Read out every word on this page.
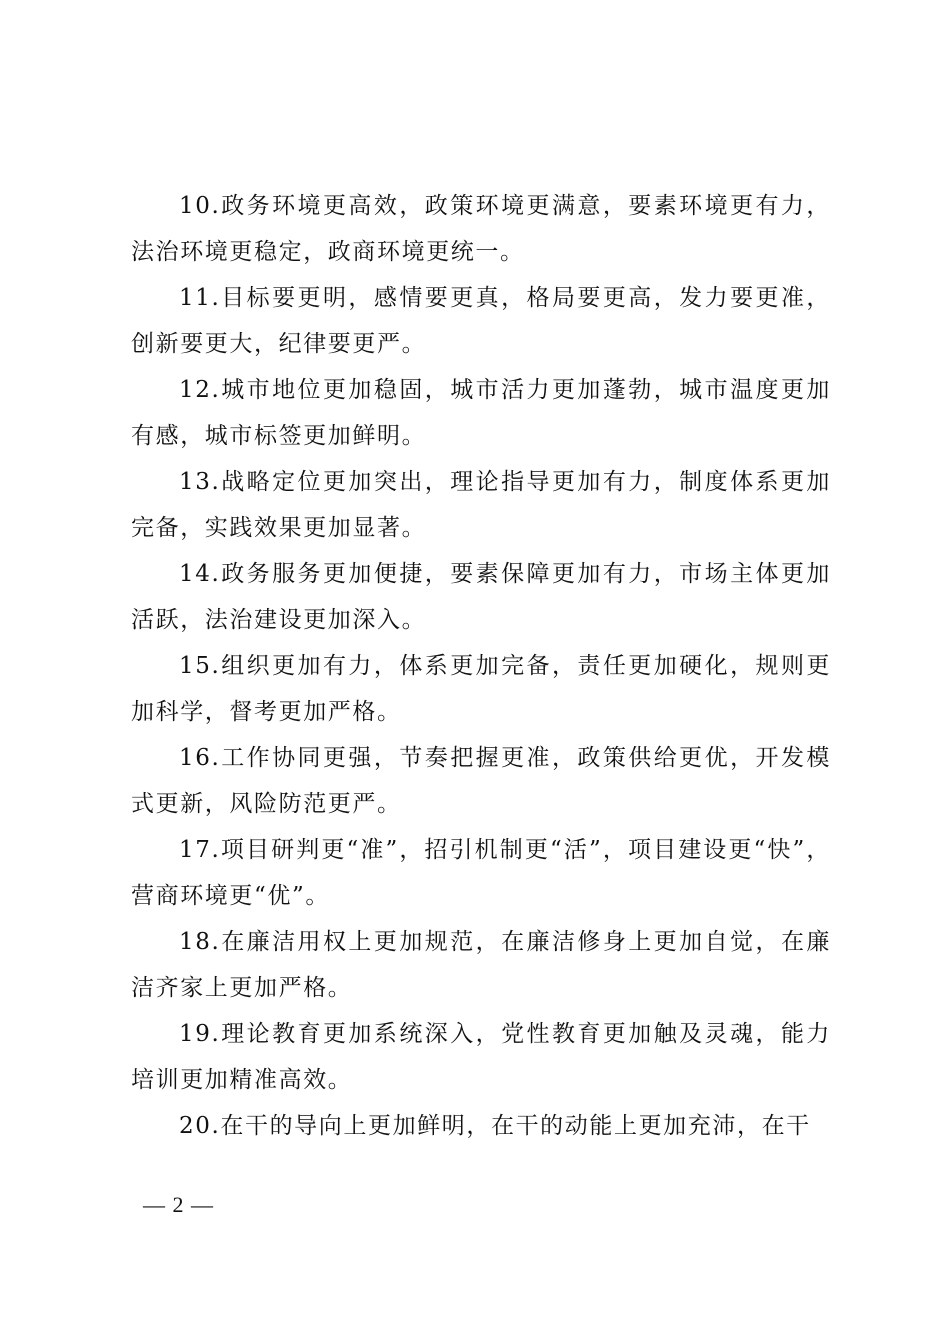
10.政务环境更高效，政策环境更满意，要素环境更有力，法治环境更稳定，政商环境更统一。

11.目标要更明，感情要更真，格局要更高，发力要更准，创新要更大，纪律要更严。

12.城市地位更加稳固，城市活力更加蓬勃，城市温度更加有感，城市标签更加鲜明。

13.战略定位更加突出，理论指导更加有力，制度体系更加完备，实践效果更加显著。

14.政务服务更加便捷，要素保障更加有力，市场主体更加活跃，法治建设更加深入。

15.组织更加有力，体系更加完备，责任更加硬化，规则更加科学，督考更加严格。

16.工作协同更强，节奏把握更准，政策供给更优，开发模式更新，风险防范更严。

17.项目研判更“准”，招引机制更“活”，项目建设更“快”，营商环境更“优”。

18.在廉洁用权上更加规范，在廉洁修身上更加自觉，在廉洁齐家上更加严格。

19.理论教育更加系统深入，党性教育更加触及灵魂，能力培训更加精准高效。

20.在干的导向上更加鲜明，在干的动能上更加充沛，在干

— 2 —
